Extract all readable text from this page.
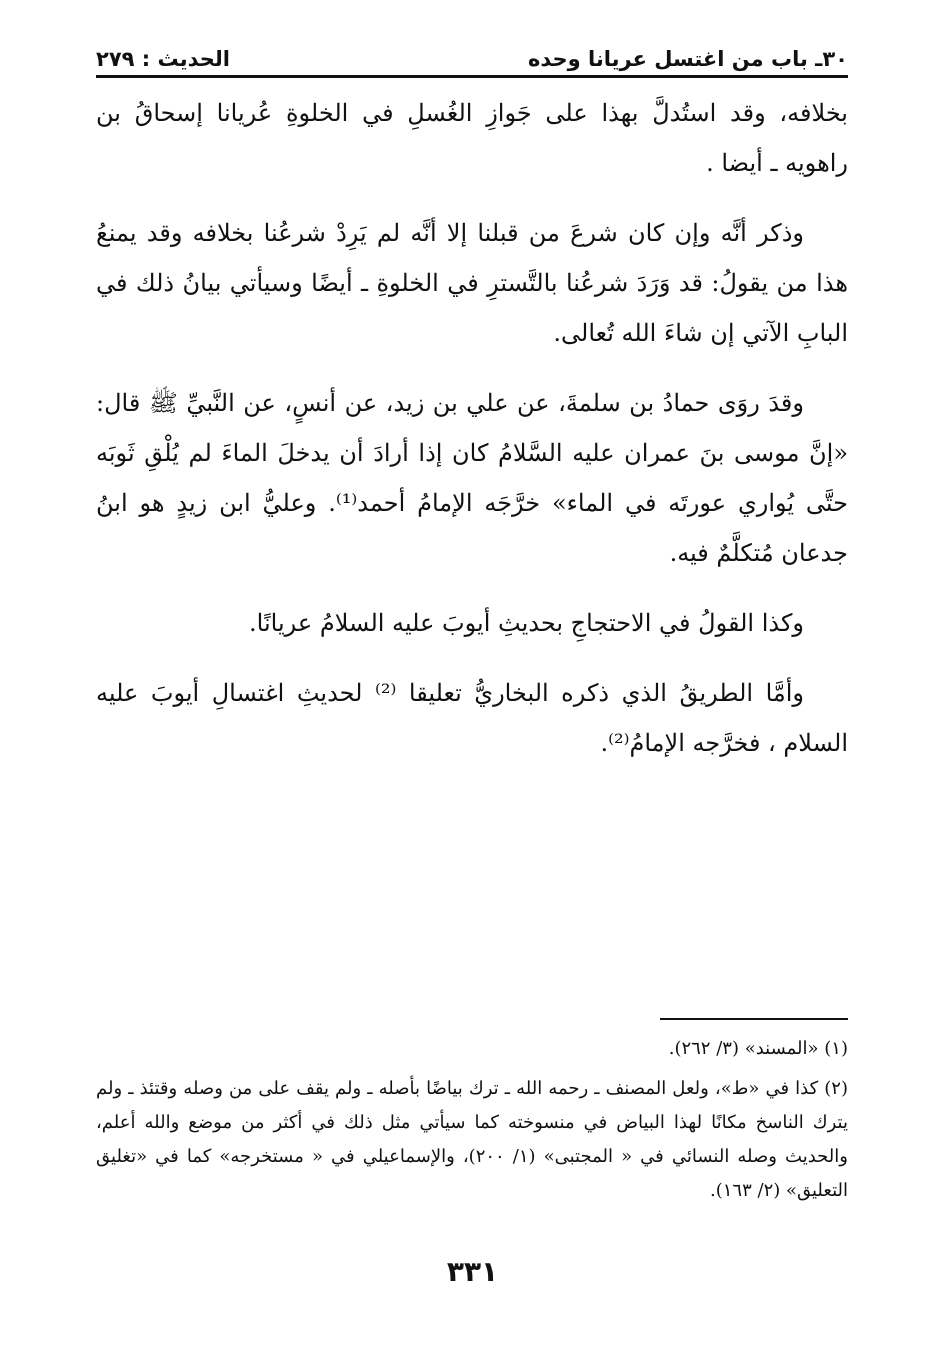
٣٠ـ باب من اغتسل عريانا وحده
الحديث : ٢٧٩

بخلافه، وقد استُدلَّ بهذا على جَوازِ الغُسلِ في الخلوةِ عُريانا إسحاقُ بن راهويه ـ أيضا .

وذكر أنَّه وإن كان شرعَ من قبلنا إلا أنَّه لم يَرِدْ شرعُنا بخلافه وقد يمنعُ هذا من يقولُ: قد وَرَدَ شرعُنا بالتَّسترِ في الخلوةِ ـ أيضًا وسيأتي بيانُ ذلك في البابِ الآتي إن شاءَ الله تُعالى.

وقدَ روَى حمادُ بن سلمةَ، عن علي بن زيد، عن أنسٍ، عن النَّبيِّ ﷺ قال: «إنَّ موسى بنَ عمران عليه السَّلامُ كان إذا أرادَ أن يدخلَ الماءَ لم يُلْقِ ثَوبَه حتَّى يُواري عورتَه في الماء» خرَّجَه الإمامُ أحمد⁽¹⁾. وعليُّ ابن زيدٍ هو ابنُ جدعان مُتكلَّمٌ فيه.

وكذا القولُ في الاحتجاجِ بحديثِ أيوبَ عليه السلامُ عريانًا.

وأمَّا الطريقُ الذي ذكره البخاريُّ تعليقا ⁽²⁾ لحديثِ اغتسالِ أيوبَ عليه السلام ، فخرَّجه الإمامُ⁽²⁾.

(١) «المسند» (٣/ ٢٦٢).

(٢) كذا في «ط»، ولعل المصنف ـ رحمه الله ـ ترك بياضًا بأصله ـ ولم يقف على من وصله وقتئذ ـ ولم يترك الناسخ مكانًا لهذا البياض في منسوخته كما سيأتي مثل ذلك في أكثر من موضع والله أعلم، والحديث وصله النسائي في « المجتبى» (١/ ٢٠٠)، والإسماعيلي في « مستخرجه» كما في «تغليق التعليق» (٢/ ١٦٣).

٣٣١
